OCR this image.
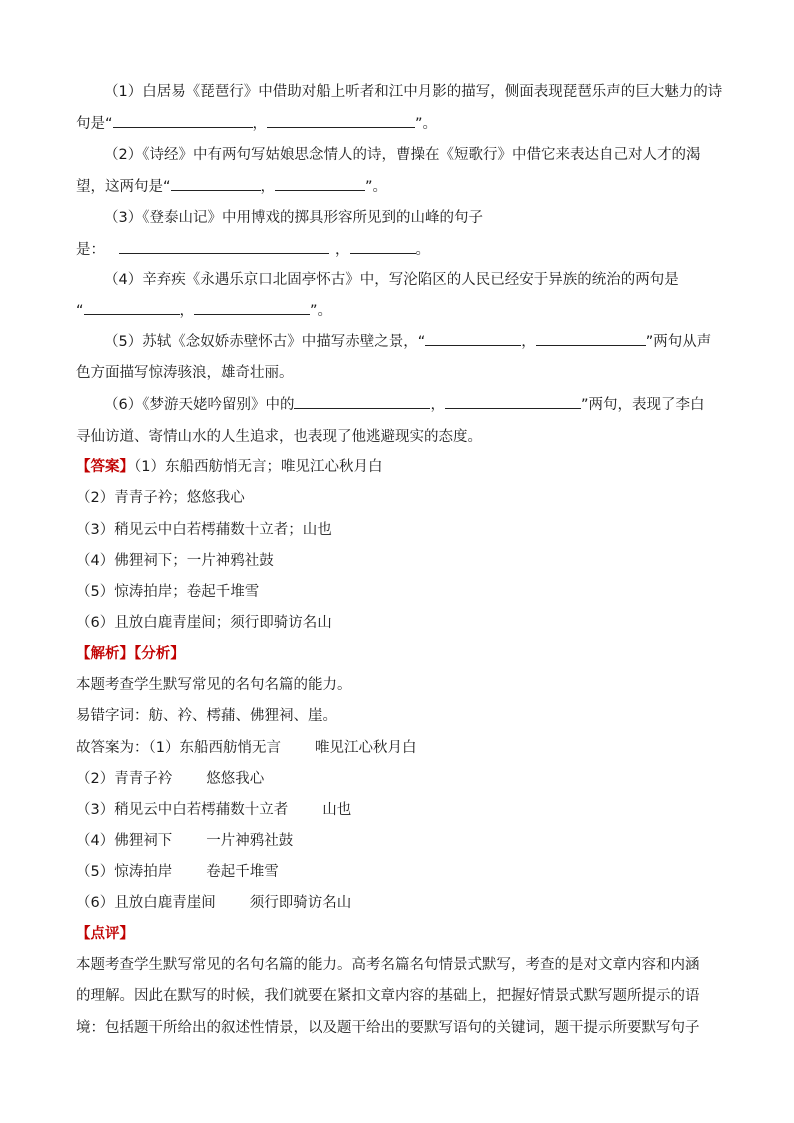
（1）白居易《琵琶行》中借助对船上听者和江中月影的描写，侧面表现琵琶乐声的巨大魅力的诗
句是“	，	”。
（2）《诗经》中有两句写姑娘思念情人的诗，曹操在《短歌行》中借它来表达自己对人才的渴
望，这两句是“	，	”。
（3）《登泰山记》中用博戏的掷具形容所见到的山峰的句子
是：	，	。
（4）辛弃疾《永遇乐京口北固亭怀古》中，写沦陷区的人民已经安于异族的统治的两句是
“	，	”。
（5）苏轼《念奴娇赤壁怀古》中描写赤壁之景，“	，	”两句从声
色方面描写惊涛骇浪，雄奇壮丽。
（6）《梦游天姥吟留别》中的	，	”两句，表现了李白
寻仙访道、寄情山水的人生追求，也表现了他逃避现实的态度。
【答案】（1）东船西舫悄无言；唯见江心秋月白
（2）青青子衿；悠悠我心
（3）稍见云中白若樗蒱数十立者；山也
（4）佛狸祠下；一片神鸦社鼓
（5）惊涛拍岸；卷起千堆雪
（6）且放白鹿青崖间；须行即骑访名山
【解析】【分析】
本题考查学生默写常见的名句名篇的能力。
易错字词：舫、衿、樗蒱、佛狸祠、崖。
故答案为：（1）东船西舫悄无言 唯见江心秋月白
（2）青青子衿 悠悠我心
（3）稍见云中白若樗蒱数十立者 山也
（4）佛狸祠下 一片神鸦社鼓
（5）惊涛拍岸 卷起千堆雪
（6）且放白鹿青崖间 须行即骑访名山
【点评】
本题考查学生默写常见的名句名篇的能力。高考名篇名句情景式默写，考查的是对文章内容和内涵
的理解。因此在默写的时候，我们就要在紧扣文章内容的基础上，把握好情景式默写题所提示的语
境：包括题干所给出的叙述性情景，以及题干给出的要默写语句的关键词，题干提示所要默写句子
